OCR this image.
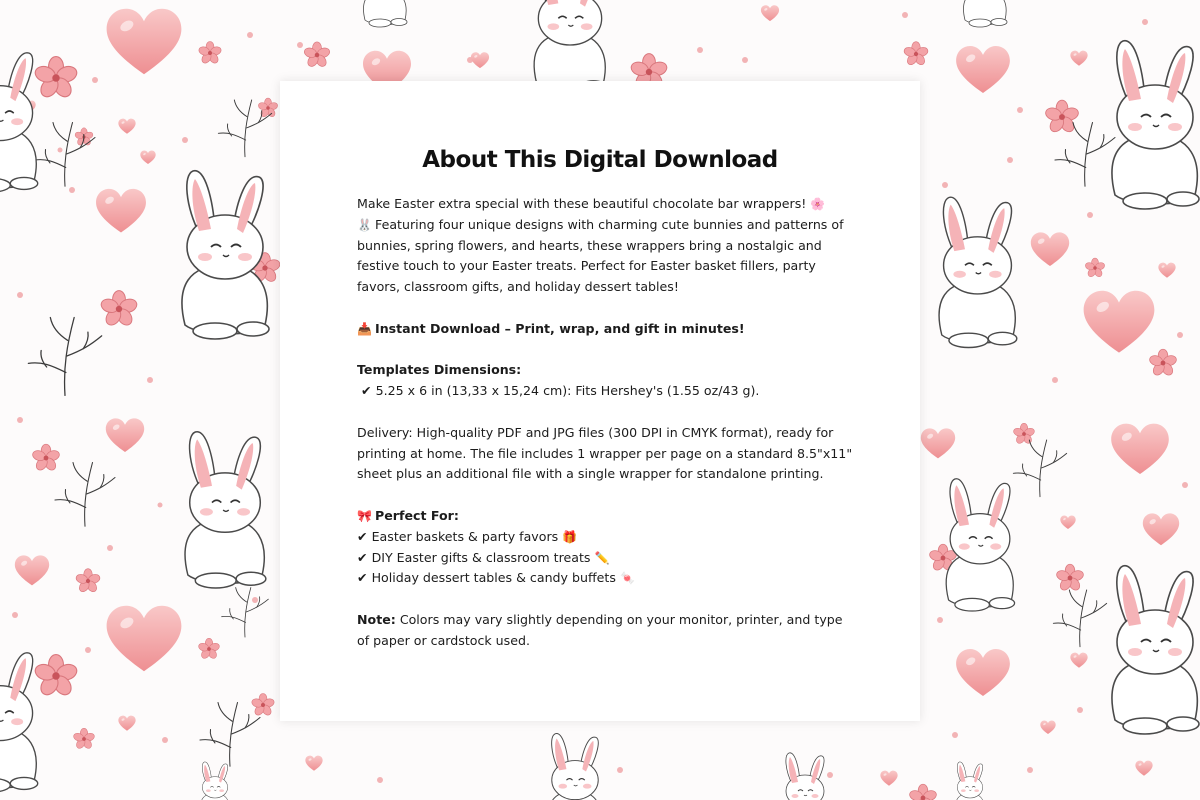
About This Digital Download

Make Easter extra special with these beautiful chocolate bar wrappers! 🌸
🐰 Featuring four unique designs with charming cute bunnies and patterns of bunnies, spring flowers, and hearts, these wrappers bring a nostalgic and festive touch to your Easter treats. Perfect for Easter basket fillers, party favors, classroom gifts, and holiday dessert tables!

📥 Instant Download – Print, wrap, and gift in minutes!

Templates Dimensions:
✔ 5.25 x 6 in (13,33 x 15,24 cm): Fits Hershey's (1.55 oz/43 g).

Delivery: High-quality PDF and JPG files (300 DPI in CMYK format), ready for printing at home. The file includes 1 wrapper per page on a standard 8.5"x11" sheet plus an additional file with a single wrapper for standalone printing.

🎀 Perfect For:
✔ Easter baskets & party favors 🎁
✔ DIY Easter gifts & classroom treats ✏️
✔ Holiday dessert tables & candy buffets 🍬

Note: Colors may vary slightly depending on your monitor, printer, and type of paper or cardstock used.
